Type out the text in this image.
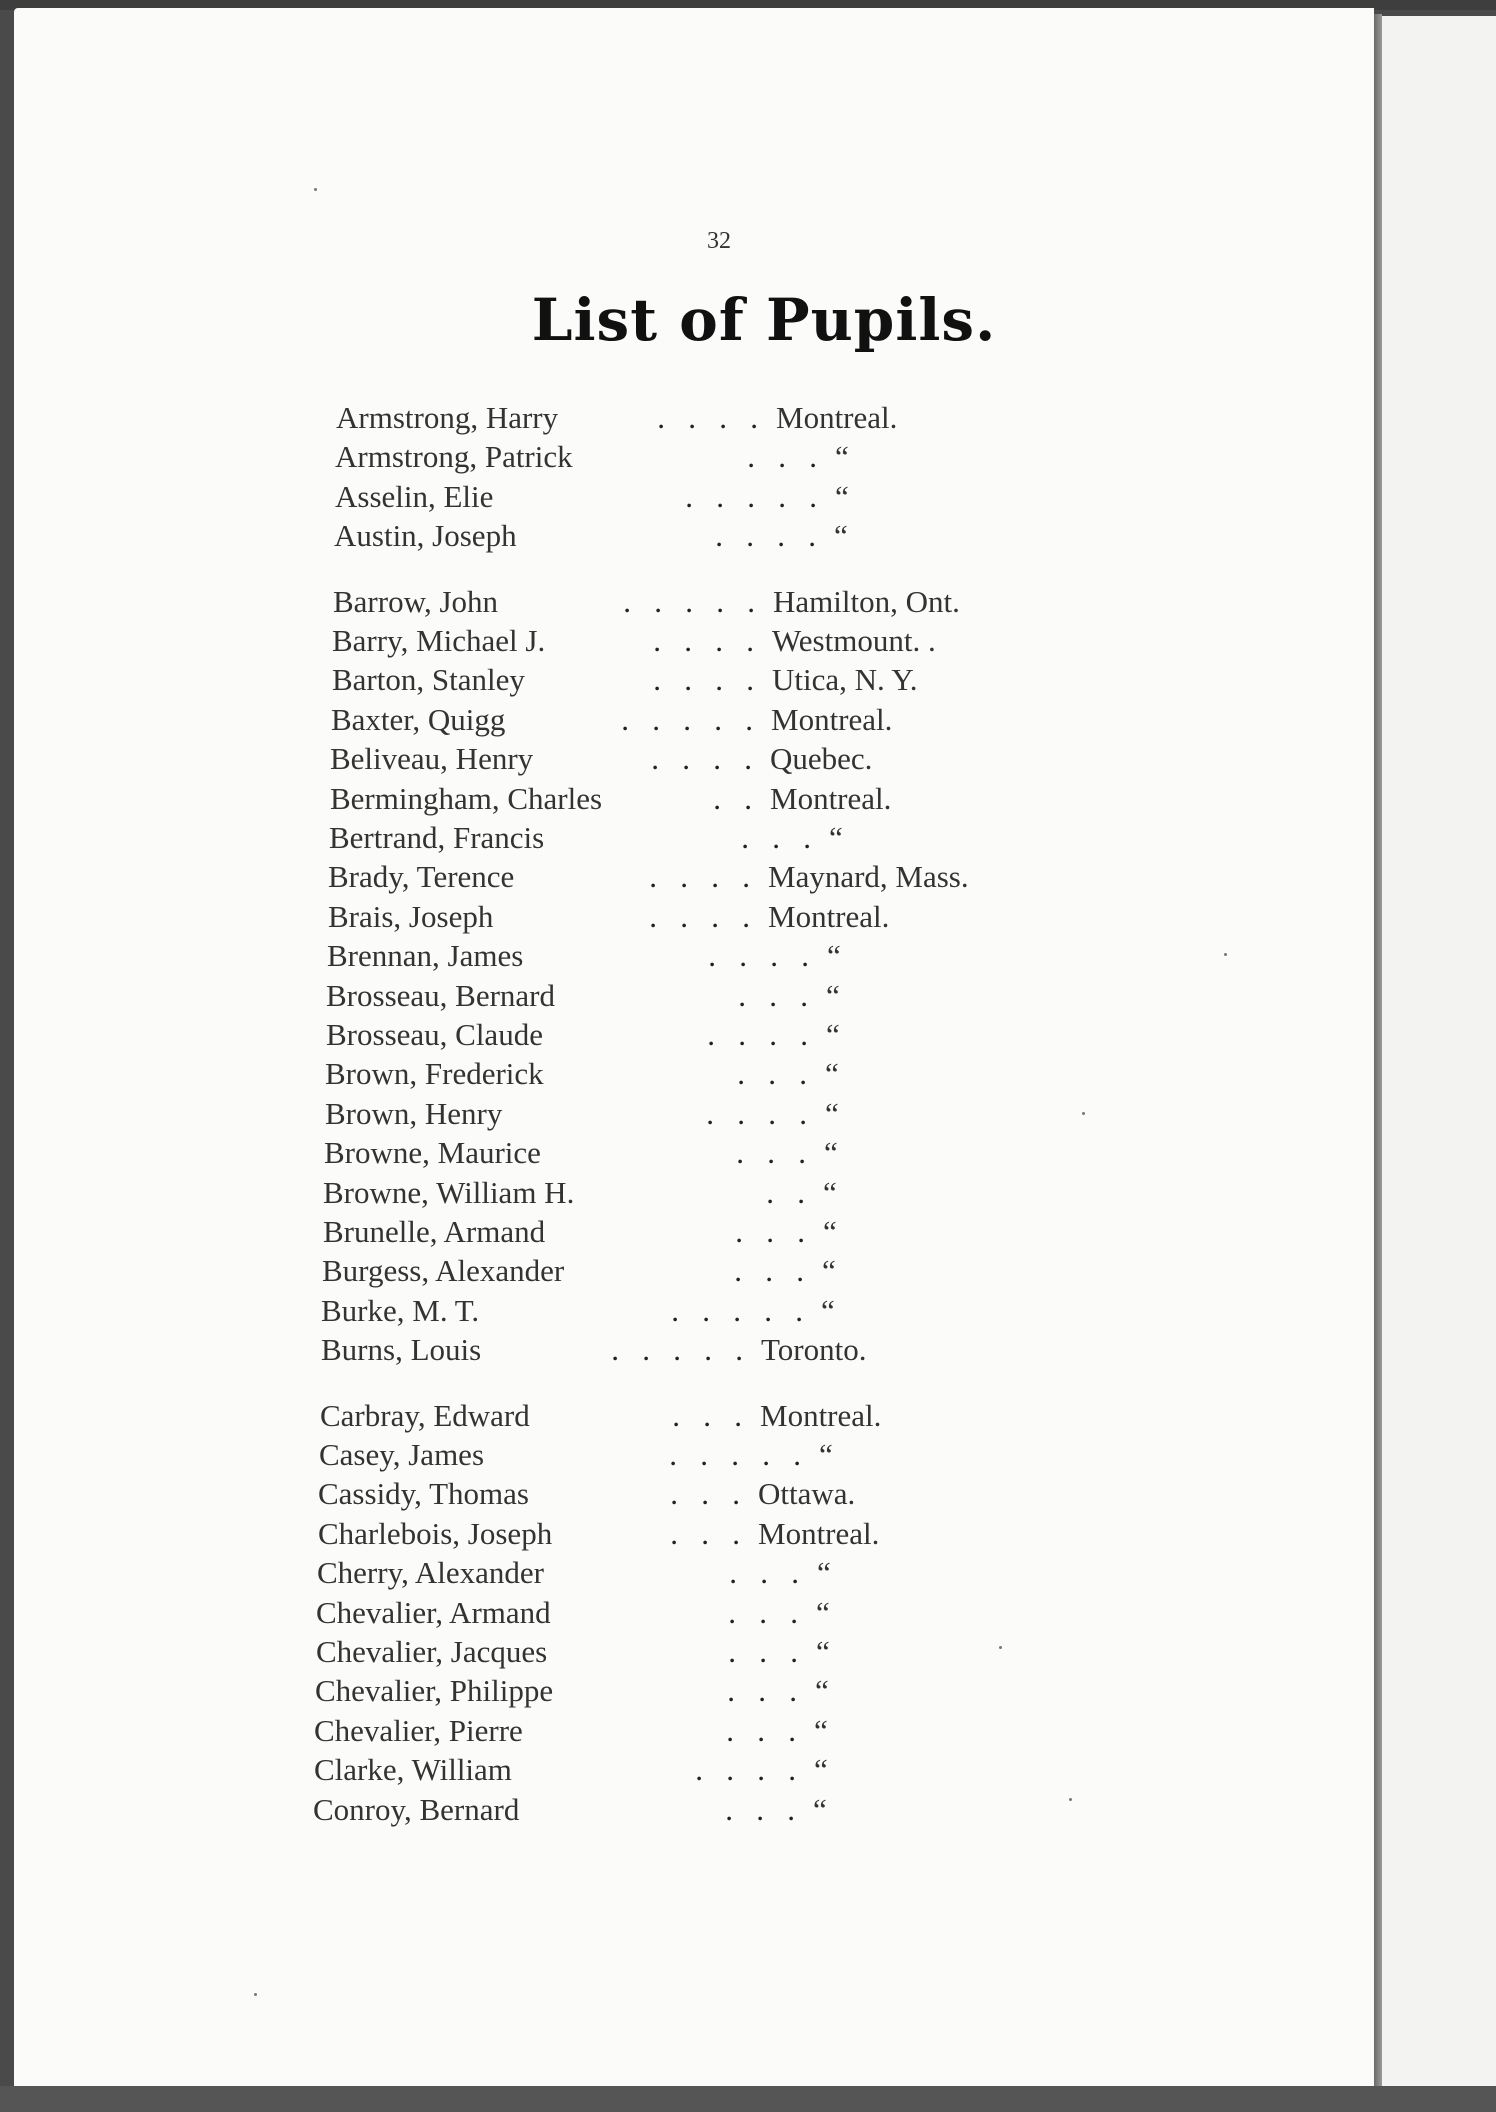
32
List of Pupils.
Armstrong, Harry	.   .   .   . Montreal.
Armstrong, Patrick	.   .   . “
Asselin, Elie	.   .   .   .   . “
Austin, Joseph	.   .   .   . “
Barrow, John	.   .   .   .   . Hamilton, Ont.
Barry, Michael J.	.   .   .   . Westmount. .
Barton, Stanley	.   .   .   . Utica, N. Y.
Baxter, Quigg	.   .   .   .   . Montreal.
Beliveau, Henry	.   .   .   . Quebec.
Bermingham, Charles	.   . Montreal.
Bertrand, Francis	.   .   . “
Brady, Terence	.   .   .   . Maynard, Mass.
Brais, Joseph	.   .   .   . Montreal.
Brennan, James	.   .   .   . “
Brosseau, Bernard	.   .   . “
Brosseau, Claude	.   .   .   . “
Brown, Frederick	.   .   . “
Brown, Henry	.   .   .   . “
Browne, Maurice	.   .   . “
Browne, William H.	.   . “
Brunelle, Armand	.   .   . “
Burgess, Alexander	.   .   . “
Burke, M. T.	.   .   .   .   . “
Burns, Louis	.   .   .   .   . Toronto.
Carbray, Edward	.   .   . Montreal.
Casey, James	.   .   .   .   . “
Cassidy, Thomas	.   .   . Ottawa.
Charlebois, Joseph	.   .   . Montreal.
Cherry, Alexander	.   .   . “
Chevalier, Armand	.   .   . “
Chevalier, Jacques	.   .   . “
Chevalier, Philippe	.   .   . “
Chevalier, Pierre	.   .   . “
Clarke, William	.   .   .   . “
Conroy, Bernard	.   .   . “
